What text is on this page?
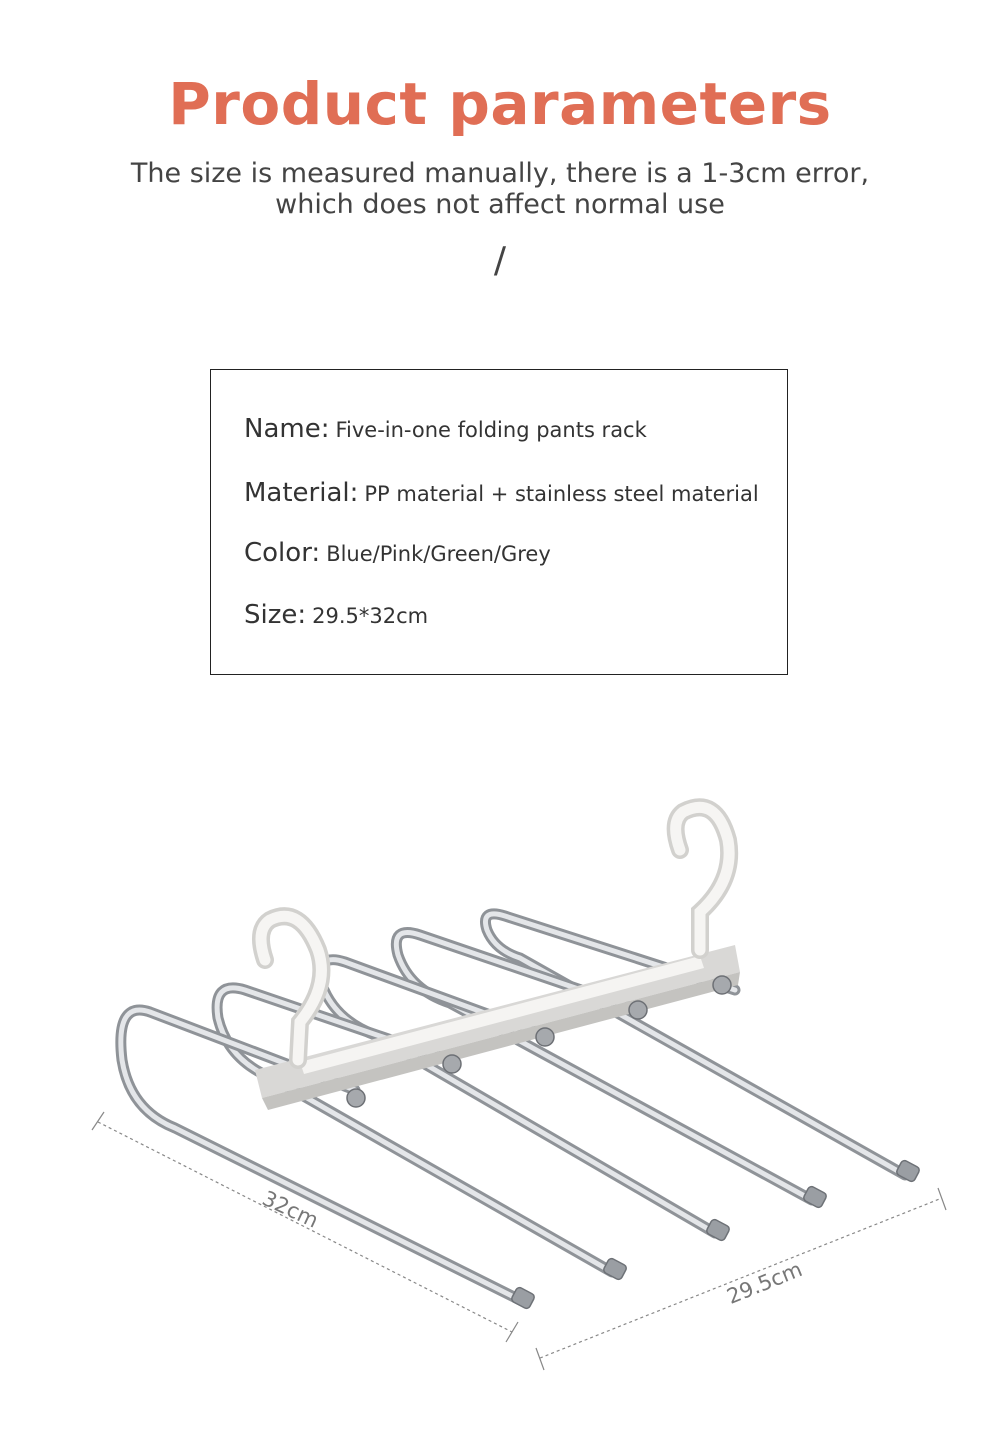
Product parameters
The size is measured manually, there is a 1-3cm error,
which does not affect normal use
/
Name: Five-in-one folding pants rack
Material: PP material + stainless steel material
Color: Blue/Pink/Green/Grey
Size: 29.5*32cm
32cm
29.5cm
